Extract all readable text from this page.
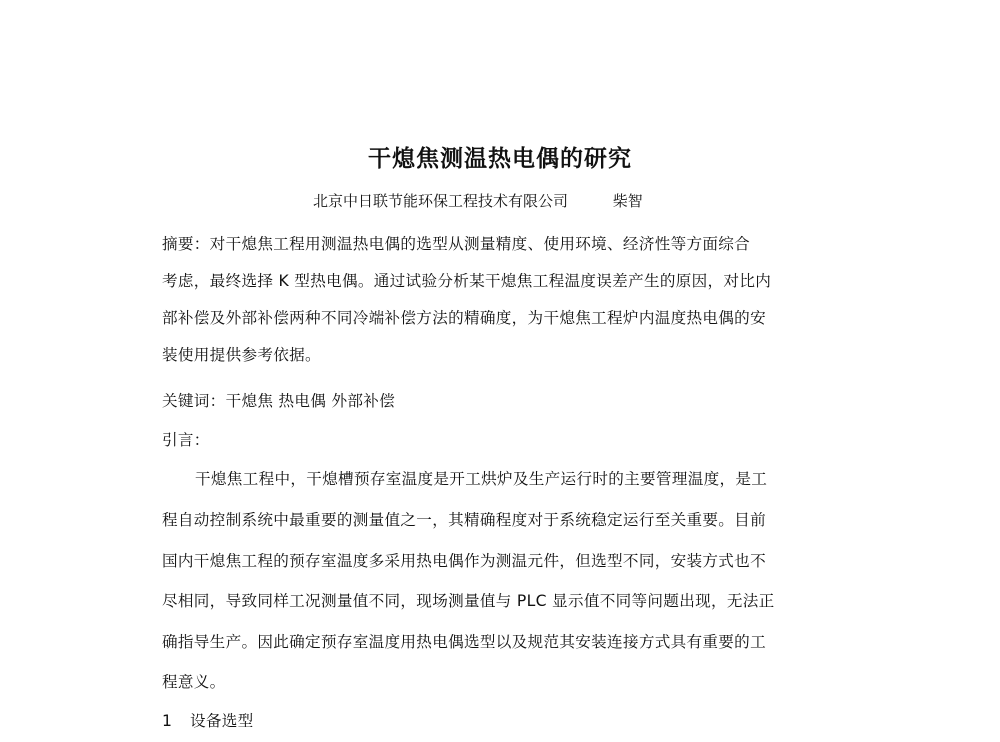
干熄焦测温热电偶的研究
北京中日联节能环保工程技术有限公司	柴智
摘要：对干熄焦工程用测温热电偶的选型从测量精度、使用环境、经济性等方面综合
考虑，最终选择 K 型热电偶。通过试验分析某干熄焦工程温度误差产生的原因，对比内
部补偿及外部补偿两种不同冷端补偿方法的精确度，为干熄焦工程炉内温度热电偶的安
装使用提供参考依据。
关键词：干熄焦 热电偶 外部补偿
引言：
干熄焦工程中，干熄槽预存室温度是开工烘炉及生产运行时的主要管理温度，是工
程自动控制系统中最重要的测量值之一，其精确程度对于系统稳定运行至关重要。目前
国内干熄焦工程的预存室温度多采用热电偶作为测温元件，但选型不同，安装方式也不
尽相同，导致同样工况测量值不同，现场测量值与 PLC 显示值不同等问题出现，无法正
确指导生产。因此确定预存室温度用热电偶选型以及规范其安装连接方式具有重要的工
程意义。
1 设备选型
